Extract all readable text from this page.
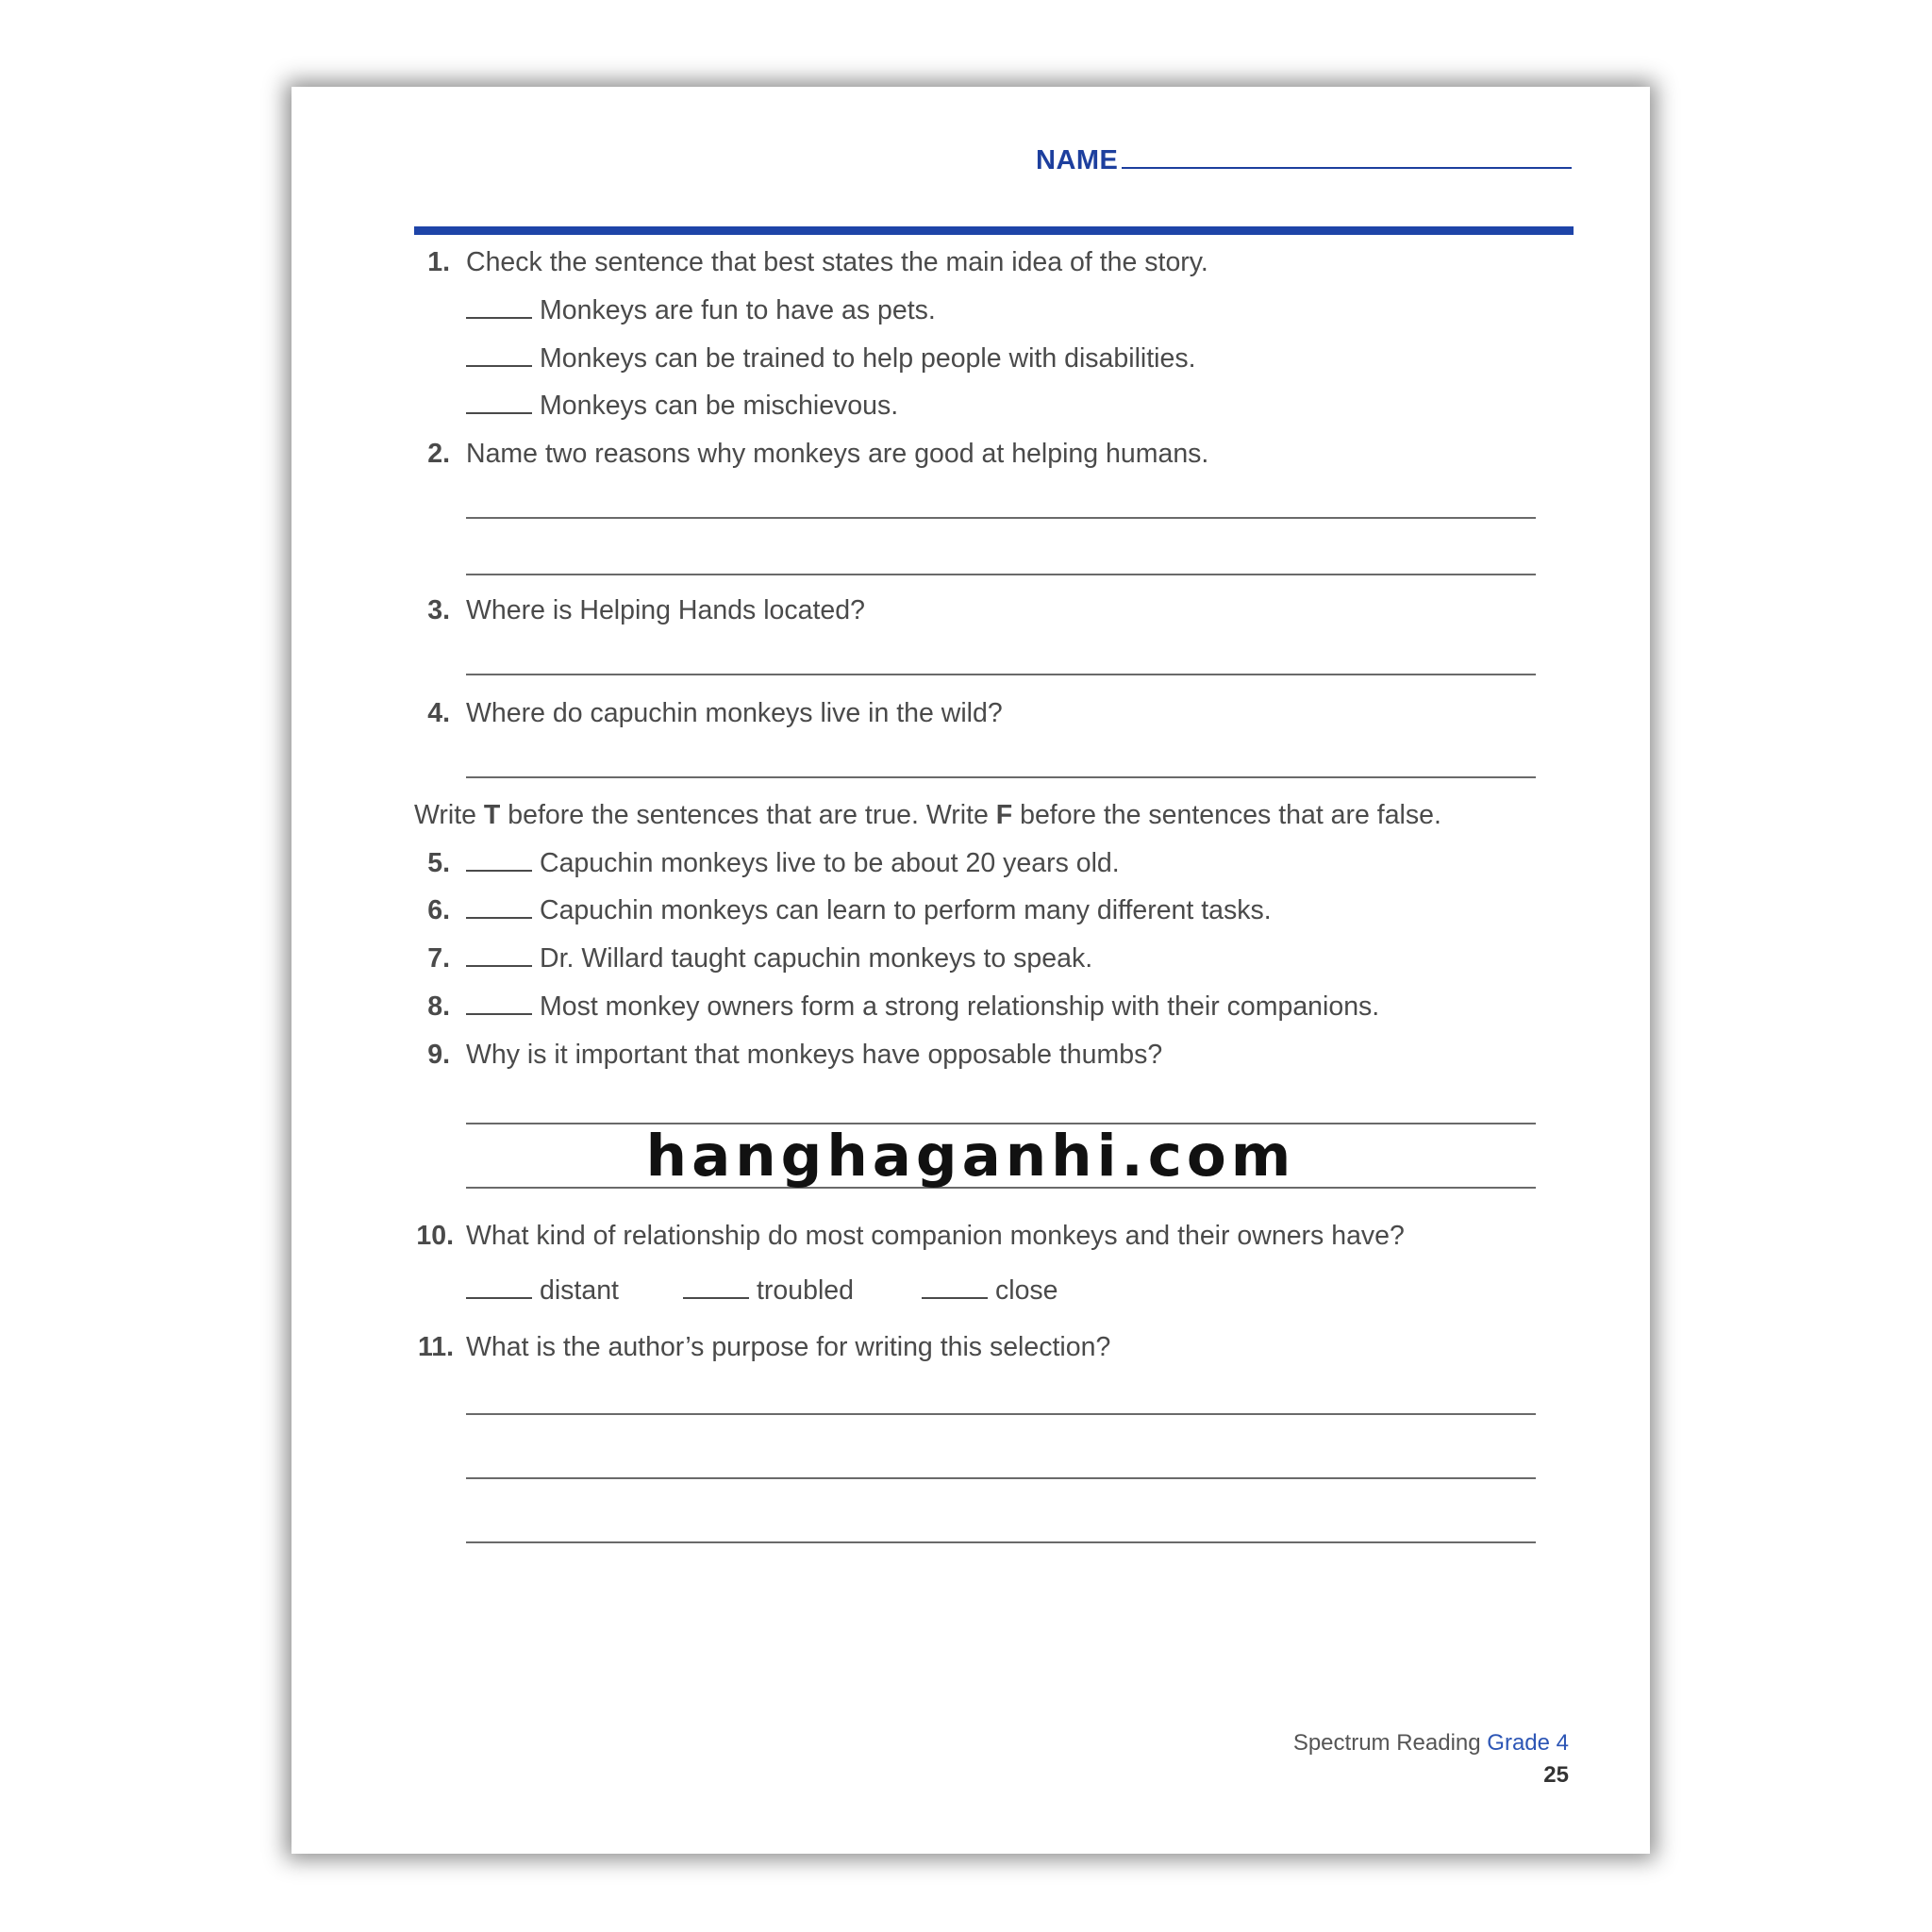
NAME
1. Check the sentence that best states the main idea of the story.
Monkeys are fun to have as pets.
Monkeys can be trained to help people with disabilities.
Monkeys can be mischievous.
2. Name two reasons why monkeys are good at helping humans.
3. Where is Helping Hands located?
4. Where do capuchin monkeys live in the wild?
Write T before the sentences that are true. Write F before the sentences that are false.
5.	Capuchin monkeys live to be about 20 years old.
6.	Capuchin monkeys can learn to perform many different tasks.
7.	Dr. Willard taught capuchin monkeys to speak.
8.	Most monkey owners form a strong relationship with their companions.
9. Why is it important that monkeys have opposable thumbs?
hanghaganhi.com
10. What kind of relationship do most companion monkeys and their owners have?
distant	troubled	close
11. What is the author’s purpose for writing this selection?
Spectrum Reading Grade 4
25
